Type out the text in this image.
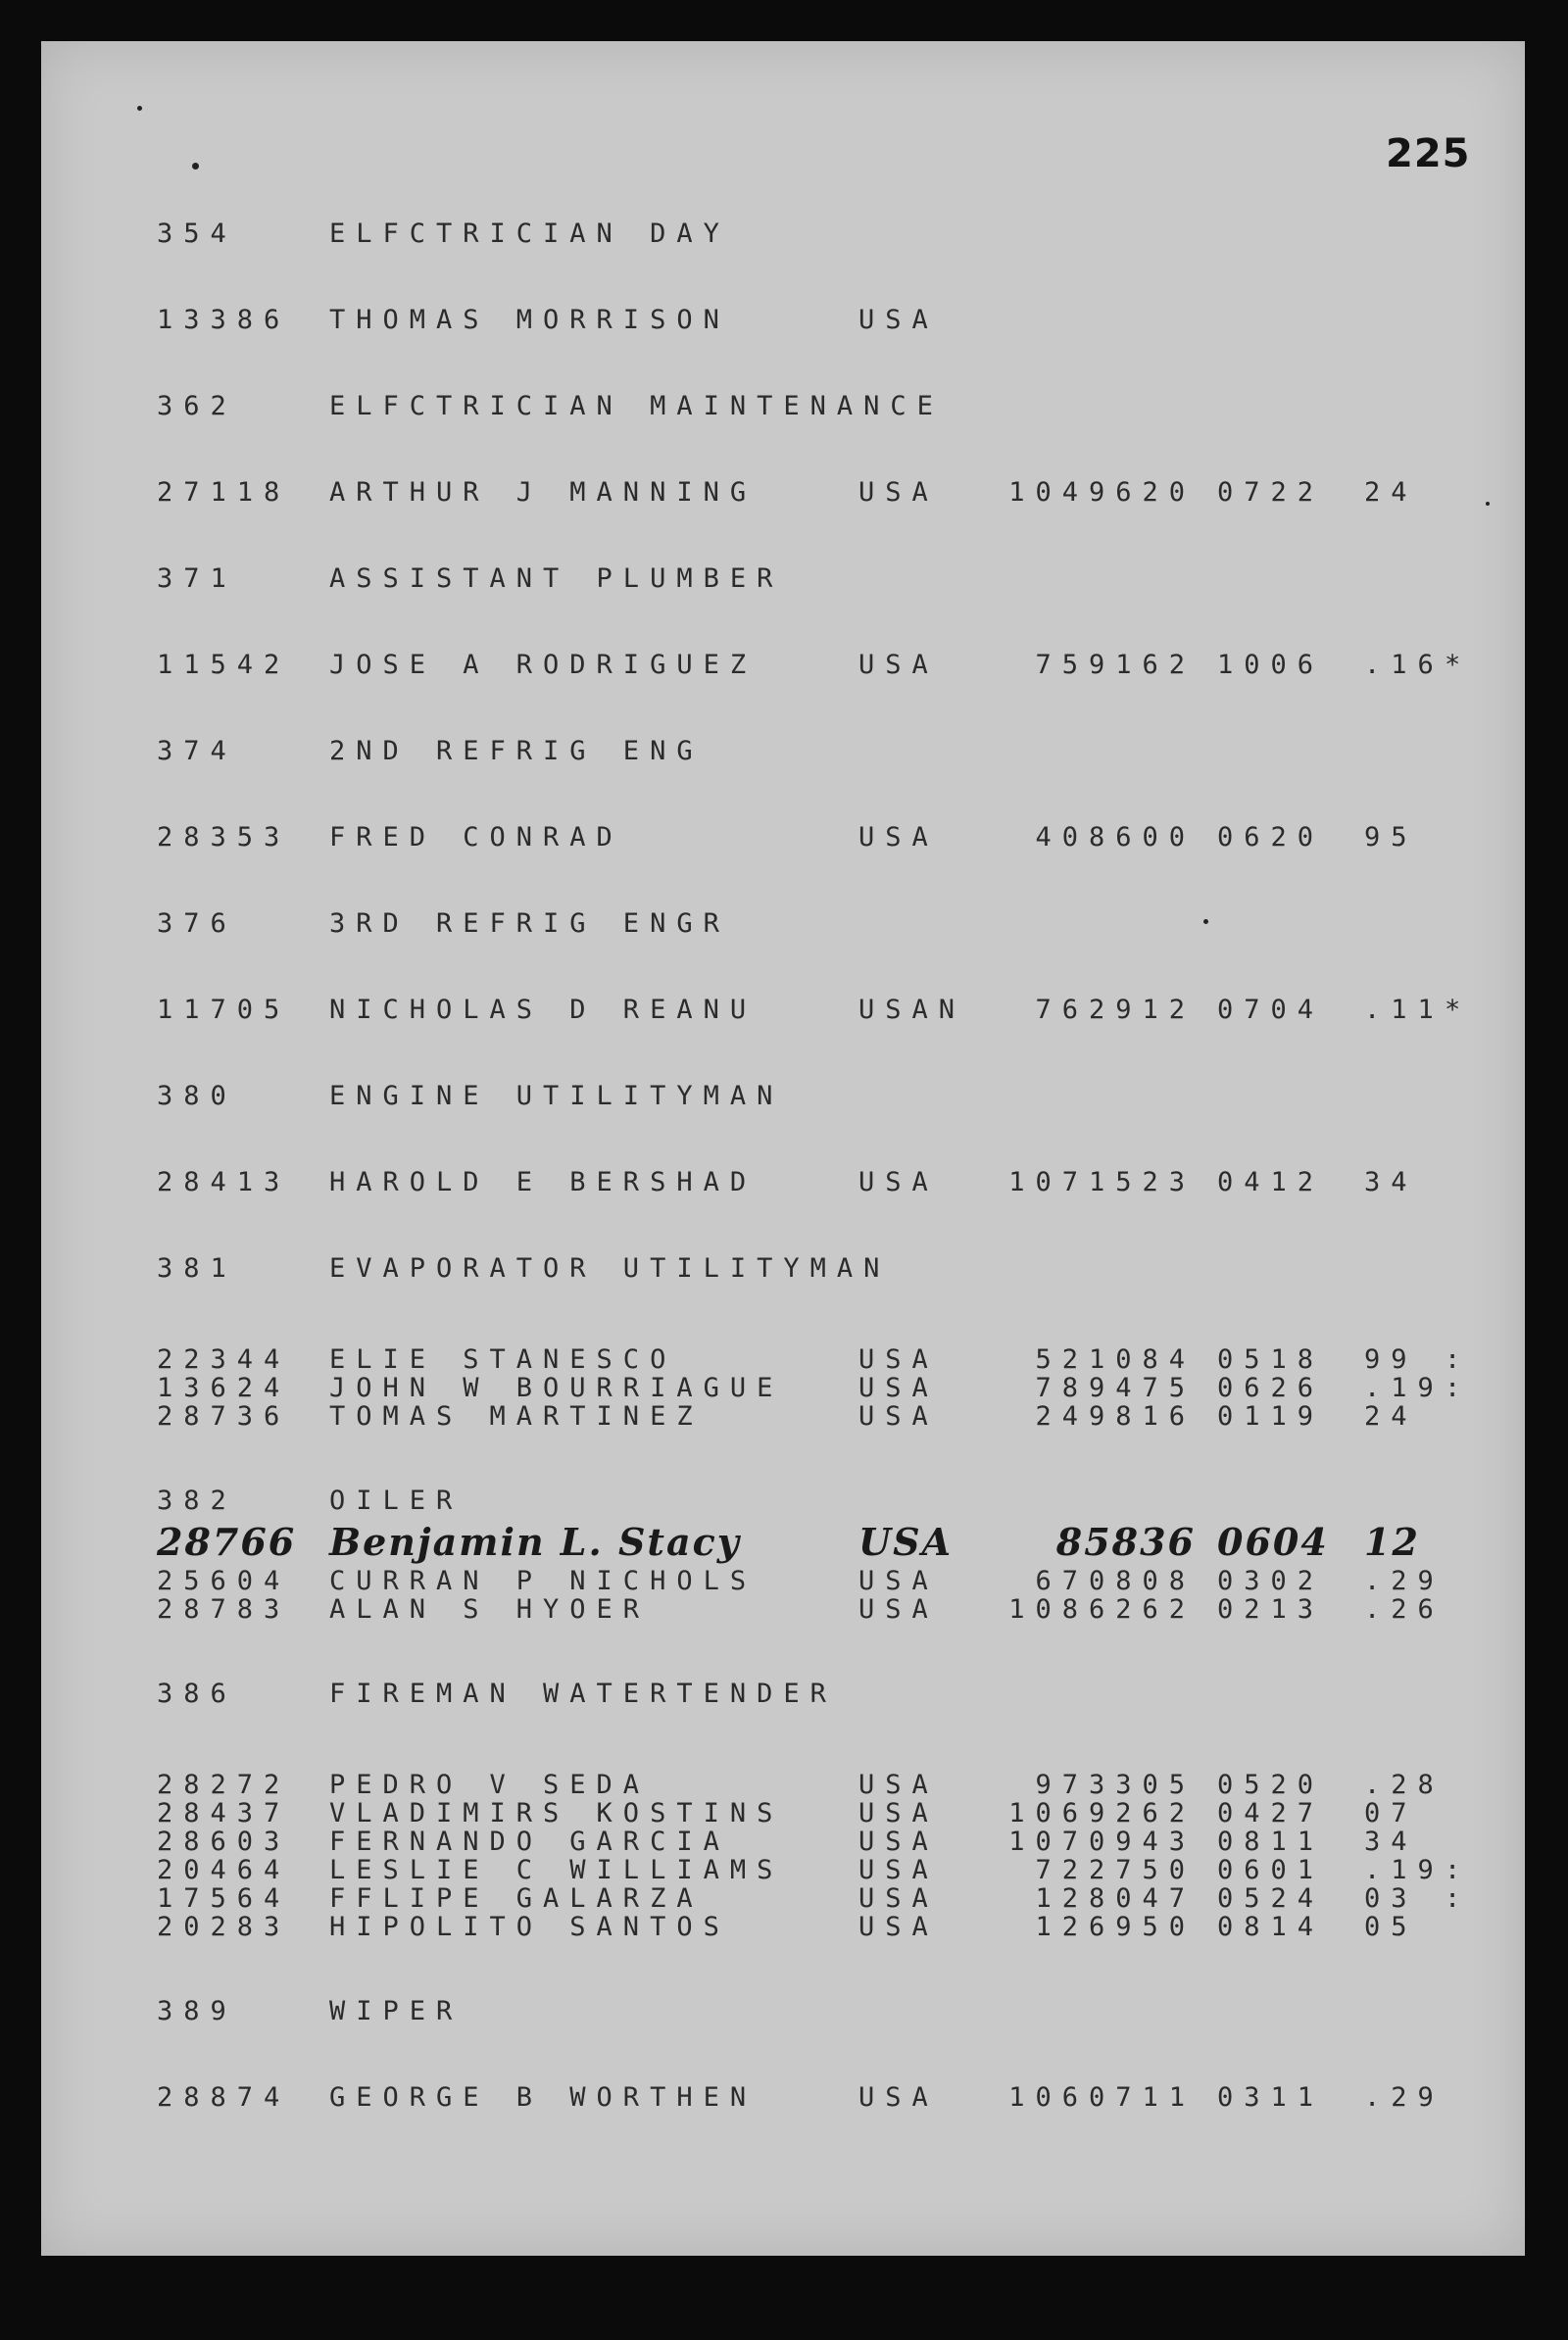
225
354	ELFCTRICIAN DAY
13386 THOMAS MORRISON	USA
362	ELFCTRICIAN MAINTENANCE
27118 ARTHUR J MANNING	USA	1049620 0722 24
371	ASSISTANT PLUMBER
11542 JOSE A RODRIGUEZ	USA	759162 1006 .16 *
374	2ND REFRIG ENG
28353 FRED CONRAD	USA	408600 0620 95
376	3RD REFRIG ENGR
11705 NICHOLAS D REANU	USAN	762912 0704 .11 *
380	ENGINE UTILITYMAN
28413 HAROLD E BERSHAD	USA	1071523 0412 34
381	EVAPORATOR UTILITYMAN
22344 ELIE STANESCO	USA	521084 0518 99 :
13624 JOHN W BOURRIAGUE	USA	789475 0626 .19 :
28736 TOMAS MARTINEZ	USA	249816 0119 24
382	OILER
28766 Benjamin L. Stacy	USA	85836 0604 12
25604 CURRAN P NICHOLS	USA	670808 0302 .29
28783 ALAN S HYOER	USA	1086262 0213 .26
386	FIREMAN WATERTENDER
28272 PEDRO V SEDA	USA	973305 0520 .28
28437 VLADIMIRS KOSTINS	USA	1069262 0427 07
28603 FERNANDO GARCIA	USA	1070943 0811 34
20464 LESLIE C WILLIAMS	USA	722750 0601 .19 :
17564 FFLIPE GALARZA	USA	128047 0524 03 :
20283 HIPOLITO SANTOS	USA	126950 0814 05
389	WIPER
28874 GEORGE B WORTHEN	USA	1060711 0311 .29
